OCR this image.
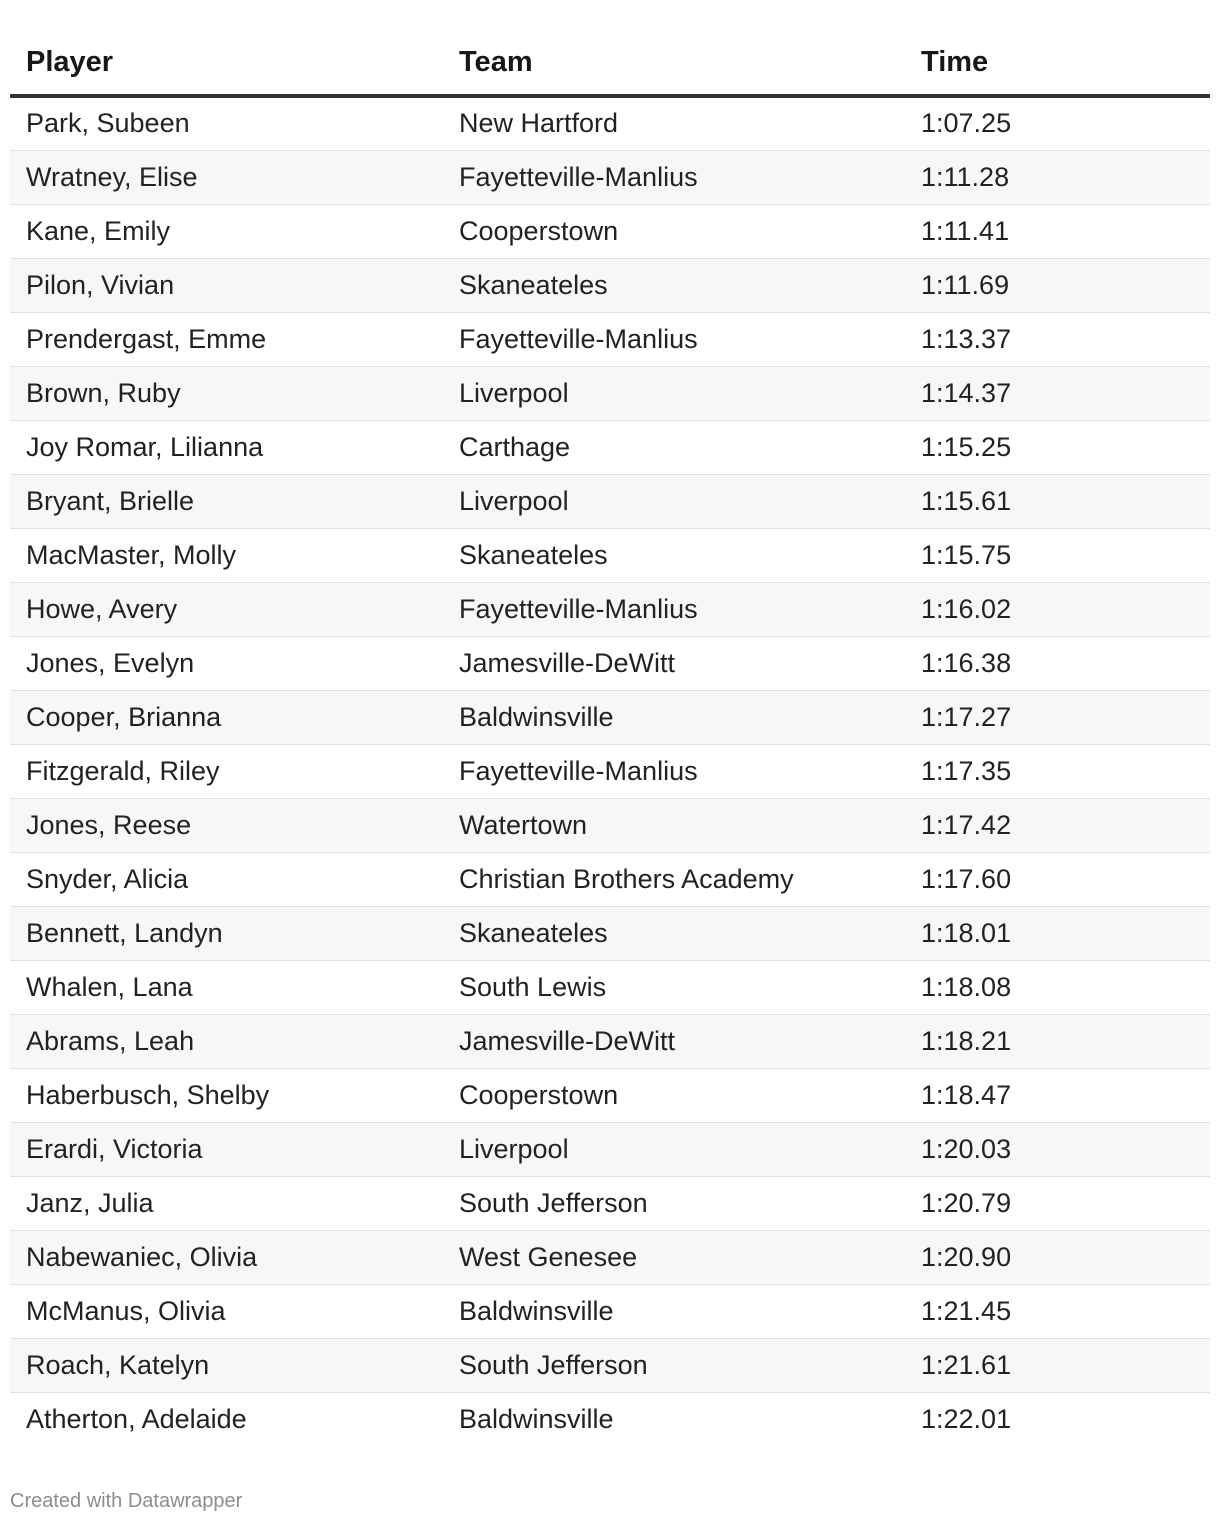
Player	Team	Time
Park, Subeen	New Hartford	1:07.25
Wratney, Elise	Fayetteville-Manlius	1:11.28
Kane, Emily	Cooperstown	1:11.41
Pilon, Vivian	Skaneateles	1:11.69
Prendergast, Emme	Fayetteville-Manlius	1:13.37
Brown, Ruby	Liverpool	1:14.37
Joy Romar, Lilianna	Carthage	1:15.25
Bryant, Brielle	Liverpool	1:15.61
MacMaster, Molly	Skaneateles	1:15.75
Howe, Avery	Fayetteville-Manlius	1:16.02
Jones, Evelyn	Jamesville-DeWitt	1:16.38
Cooper, Brianna	Baldwinsville	1:17.27
Fitzgerald, Riley	Fayetteville-Manlius	1:17.35
Jones, Reese	Watertown	1:17.42
Snyder, Alicia	Christian Brothers Academy	1:17.60
Bennett, Landyn	Skaneateles	1:18.01
Whalen, Lana	South Lewis	1:18.08
Abrams, Leah	Jamesville-DeWitt	1:18.21
Haberbusch, Shelby	Cooperstown	1:18.47
Erardi, Victoria	Liverpool	1:20.03
Janz, Julia	South Jefferson	1:20.79
Nabewaniec, Olivia	West Genesee	1:20.90
McManus, Olivia	Baldwinsville	1:21.45
Roach, Katelyn	South Jefferson	1:21.61
Atherton, Adelaide	Baldwinsville	1:22.01
Created with Datawrapper
